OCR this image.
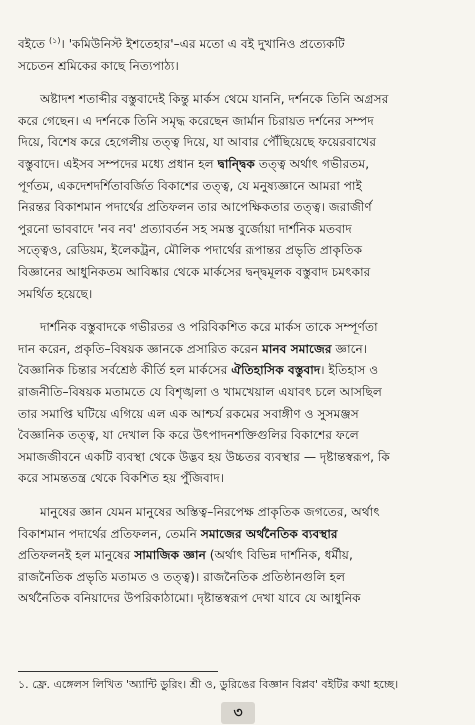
বইতে $^{(১)}$। 'কমিউনিস্ট ইশতেহার'–এর মতো এ বই দুখানিও প্রত্যেকটি
সচেতন শ্রমিকের কাছে নিত্যপাঠ্য।
অষ্টাদশ শতাব্দীর বস্তুবাদেই কিন্তু মার্কস থেমে যাননি, দর্শনকে তিনি অগ্রসর
করে গেছেন। এ দর্শনকে তিনি সমৃদ্ধ করেছেন জার্মান চিরায়ত দর্শনের সম্পদ
দিয়ে, বিশেষ করে হেগেলীয় তত্ত্ব দিয়ে, যা আবার পৌঁছিয়েছে ফয়েরবাখের
বস্তুবাদে। এইসব সম্পদের মধ্যে প্রধান হল দ্বান্দ্বিক তত্ত্ব অর্থাৎ গভীরতম,
পূর্ণতম, একদেশদর্শিতাবর্জিত বিকাশের তত্ত্ব, যে মনুষ্যজ্ঞানে আমরা পাই
নিরন্তর বিকাশমান পদার্থের প্রতিফলন তার আপেক্ষিকতার তত্ত্ব। জরাজীর্ণ
পুরনো ভাববাদে 'নব নব' প্রত্যাবর্তন সহ সমস্ত বুর্জোয়া দার্শনিক মতবাদ
সত্ত্বেও, রেডিয়ম, ইলেকট্রন, মৌলিক পদার্থের রূপান্তর প্রভৃতি প্রাকৃতিক
বিজ্ঞানের আধুনিকতম আবিষ্কার থেকে মার্কসের দ্বন্দ্বমূলক বস্তুবাদ চমৎকার
সমর্থিত হয়েছে।
দার্শনিক বস্তুবাদকে গভীরতর ও পরিবিকশিত করে মার্কস তাকে সম্পূর্ণতা
দান করেন, প্রকৃতি–বিষয়ক জ্ঞানকে প্রসারিত করেন মানব সমাজের জ্ঞানে।
বৈজ্ঞানিক চিন্তার সর্বশ্রেষ্ঠ কীর্তি হল মার্কসের ঐতিহাসিক বস্তুবাদ। ইতিহাস ও
রাজনীতি–বিষয়ক মতামতে যে বিশৃঙ্খলা ও খামখেয়াল এযাবৎ চলে আসছিল
তার সমাপ্তি ঘটিয়ে এগিয়ে এল এক আশ্চর্য রকমের সবাঙ্গীণ ও সুসমঞ্জস
বৈজ্ঞানিক তত্ত্ব, যা দেখাল কি করে উৎপাদনশক্তিগুলির বিকাশের ফলে
সমাজজীবনে একটি ব্যবস্থা থেকে উদ্ভব হয় উচ্চতর ব্যবস্থার — দৃষ্টান্তস্বরূপ, কি
করে সামন্ততন্ত্র থেকে বিকশিত হয় পুঁজিবাদ।
মানুষের জ্ঞান যেমন মানুষের অস্তিত্ব–নিরপেক্ষ প্রাকৃতিক জগতের, অর্থাৎ
বিকাশমান পদার্থের প্রতিফলন, তেমনি সমাজের অর্থনৈতিক ব্যবস্থার
প্রতিফলনই হল মানুষের সামাজিক জ্ঞান (অর্থাৎ বিভিন্ন দার্শনিক, ধর্মীয়,
রাজনৈতিক প্রভৃতি মতামত ও তত্ত্ব)। রাজনৈতিক প্রতিষ্ঠানগুলি হল
অর্থনৈতিক বনিয়াদের উপরিকাঠামো। দৃষ্টান্তস্বরূপ দেখা যাবে যে আধুনিক
১. ফ্রে. এঙ্গেলস লিখিত 'অ্যান্টি ডুরিং। শ্রী ও, ডুরিঙের বিজ্ঞান বিপ্লব' বইটির কথা হচ্ছে।
৩
